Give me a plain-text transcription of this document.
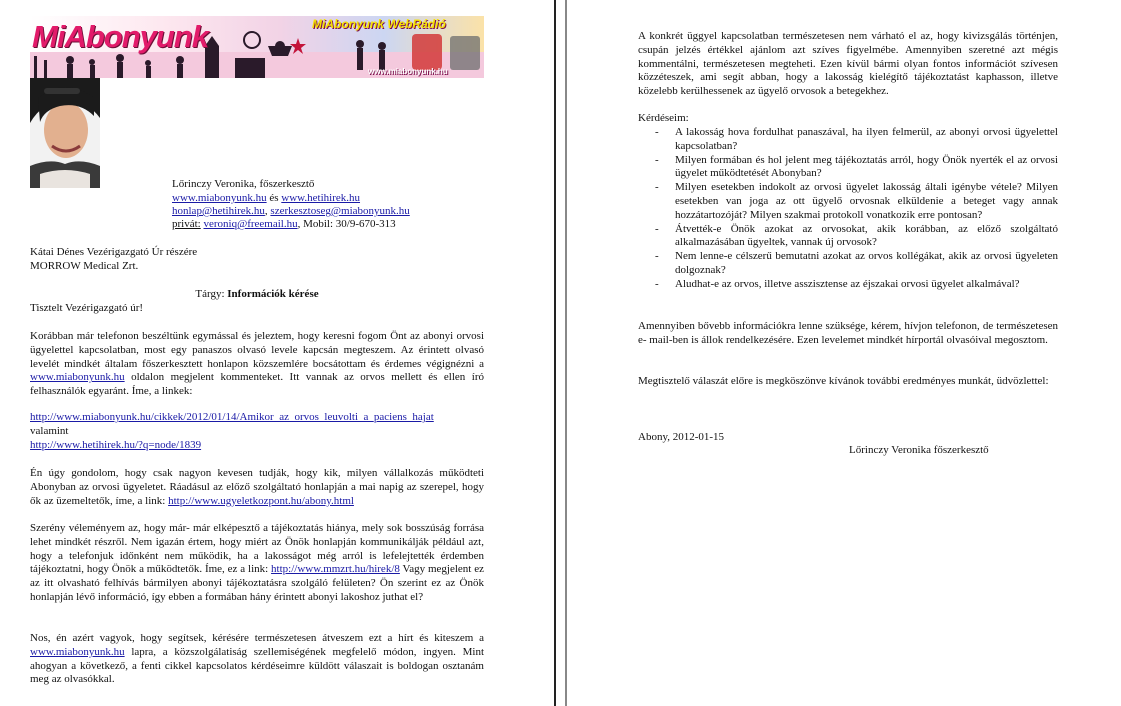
MiAbonyunk	MiAbonyunk WebRádió
www.miabonyunk.hu
Lőrinczy Veronika, főszerkesztő
www.miabonyunk.hu és www.hetihirek.hu
honlap@hetihirek.hu, szerkesztoseg@miabonyunk.hu
privát: veroniq@freemail.hu, Mobil: 30/9-670-313
Kátai Dénes Vezérigazgató Úr részére
MORROW Medical Zrt.
Tárgy: Információk kérése
Tisztelt Vezérigazgató úr!
Korábban már telefonon beszéltünk egymással és jeleztem, hogy keresni fogom Önt az abonyi orvosi ügyelettel kapcsolatban, most egy panaszos olvasó levele kapcsán megteszem. Az érintett olvasó levelét mindkét általam főszerkesztett honlapon közszemlére bocsátottam és érdemes végignézni a www.miabonyunk.hu oldalon megjelent kommenteket. Itt vannak az orvos mellett és ellen író felhasználók egyaránt. Íme, a linkek:
http://www.miabonyunk.hu/cikkek/2012/01/14/Amikor_az_orvos_leuvolti_a_paciens_hajat
valamint
http://www.hetihirek.hu/?q=node/1839
Én úgy gondolom, hogy csak nagyon kevesen tudják, hogy kik, milyen vállalkozás működteti Abonyban az orvosi ügyeletet. Ráadásul az előző szolgáltató honlapján a mai napig az szerepel, hogy ők az üzemeltetők, íme, a link: http://www.ugyeletkozpont.hu/abony.html
Szerény véleményem az, hogy már- már elképesztő a tájékoztatás hiánya, mely sok bosszúság forrása lehet mindkét részről. Nem igazán értem, hogy miért az Önök honlapján kommunikálják például azt, hogy a telefonjuk időnként nem működik, ha a lakosságot még arról is lefelejtették érdemben tájékoztatni, hogy Önök a működtetők. Íme, ez a link: http://www.mmzrt.hu/hirek/8 Vagy megjelent ez az itt olvasható felhívás bármilyen abonyi tájékoztatásra szolgáló felületen? Ön szerint ez az Önök honlapján lévő információ, így ebben a formában hány érintett abonyi lakoshoz juthat el?
Nos, én azért vagyok, hogy segítsek, kérésére természetesen átveszem ezt a hírt és kiteszem a www.miabonyunk.hu lapra, a közszolgálatiság szellemiségének megfelelő módon, ingyen. Mint ahogyan a következő, a fenti cikkel kapcsolatos kérdéseimre küldött válaszait is boldogan osztanám meg az olvasókkal.
A konkrét üggyel kapcsolatban természetesen nem várható el az, hogy kivizsgálás történjen, csupán jelzés értékkel ajánlom azt szíves figyelmébe. Amennyiben szeretné azt mégis kommentálni, természetesen megteheti. Ezen kívül bármi olyan fontos információt szívesen közzéteszek, ami segít abban, hogy a lakosság kielégítő tájékoztatást kaphasson, illetve közelebb kerülhessenek az ügyelő orvosok a betegekhez.
Kérdéseim:
- A lakosság hova fordulhat panaszával, ha ilyen felmerül, az abonyi orvosi ügyelettel kapcsolatban?
- Milyen formában és hol jelent meg tájékoztatás arról, hogy Önök nyerték el az orvosi ügyelet működtetését Abonyban?
- Milyen esetekben indokolt az orvosi ügyelet lakosság általi igénybe vétele? Milyen esetekben van joga az ott ügyelő orvosnak elküldenie a beteget vagy annak hozzátartozóját? Milyen szakmai protokoll vonatkozik erre pontosan?
- Átvették-e Önök azokat az orvosokat, akik korábban, az előző szolgáltató alkalmazásában ügyeltek, vannak új orvosok?
- Nem lenne-e célszerű bemutatni azokat az orvos kollégákat, akik az orvosi ügyeleten dolgoznak?
- Aludhat-e az orvos, illetve asszisztense az éjszakai orvosi ügyelet alkalmával?
Amennyiben bővebb információkra lenne szüksége, kérem, hívjon telefonon, de természetesen e- mail-ben is állok rendelkezésére. Ezen levelemet mindkét hírportál olvasóival megosztom.
Megtisztelő válaszát előre is megköszönve kívánok további eredményes munkát, üdvözlettel:
Abony, 2012-01-15
Lőrinczy Veronika főszerkesztő
